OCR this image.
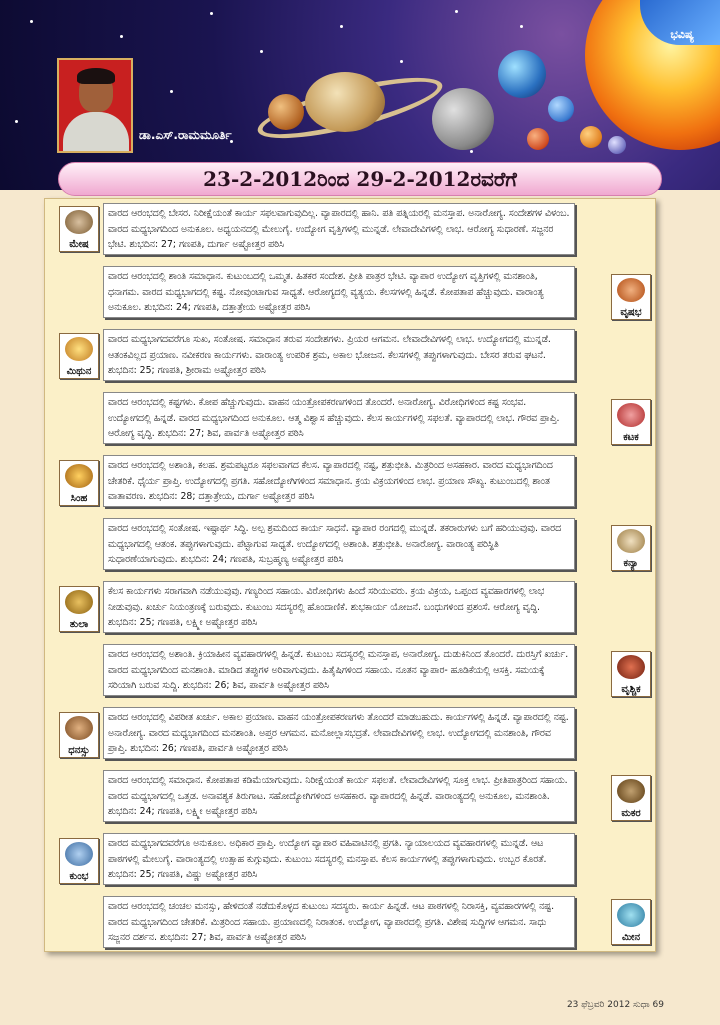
ಭವಿಷ್ಯ
ಡಾ.ಎಸ್.ರಾಮಮೂರ್ತಿ
23-2-2012ರಿಂದ 29-2-2012ರವರೆಗೆ
ಮೇಷ
ವಾರದ ಆರಂಭದಲ್ಲಿ ಬೇಸರ. ನಿರೀಕ್ಷೆಯಂತೆ ಕಾರ್ಯ ಸಫಲವಾಗುವುದಿಲ್ಲ. ವ್ಯಾಪಾರದಲ್ಲಿ ಹಾನಿ. ಪತಿ ಪತ್ನಿಯರಲ್ಲಿ ಮನಸ್ತಾಪ. ಅನಾರೋಗ್ಯ. ಸಂದೇಶಗಳ ವಿಳಂಬ. ವಾರದ ಮಧ್ಯಭಾಗದಿಂದ ಅನುಕೂಲ. ಅಧ್ಯಯನದಲ್ಲಿ ಮೇಲುಗೈ. ಉದ್ಯೋಗ ವೃತ್ತಿಗಳಲ್ಲಿ ಮುನ್ನಡೆ. ಲೇವಾದೇವಿಗಳಲ್ಲಿ ಲಾಭ. ಆರೋಗ್ಯ ಸುಧಾರಣೆ. ಸಜ್ಜನರ ಭೇಟಿ. ಶುಭದಿನ: 27; ಗಣಪತಿ, ದುರ್ಗಾ ಅಷ್ಟೋತ್ತರ ಪಠಿಸಿ
ವಾರದ ಆರಂಭದಲ್ಲಿ ಶಾಂತಿ ಸಮಾಧಾನ. ಕುಟುಂಬದಲ್ಲಿ ಒಮ್ಮತ. ಹಿತಕರ ಸಂದೇಶ. ಪ್ರೀತಿ ಪಾತ್ರರ ಭೇಟಿ. ವ್ಯಾಪಾರ ಉದ್ಯೋಗ ವೃತ್ತಿಗಳಲ್ಲಿ ಮನಶಾಂತಿ, ಧನಾಗಮ. ವಾರದ ಮಧ್ಯಭಾಗದಲ್ಲಿ ಕಷ್ಟ. ನೋವುಂಟಾಗುವ ಸಾಧ್ಯತೆ. ಆರೋಗ್ಯದಲ್ಲಿ ವ್ಯತ್ಯಯ. ಕೆಲಸಗಳಲ್ಲಿ ಹಿನ್ನಡೆ. ಕೋಪತಾಪ ಹೆಚ್ಚುವುದು. ವಾರಾಂತ್ಯ ಅನುಕೂಲ. ಶುಭದಿನ: 24; ಗಣಪತಿ, ದತ್ತಾತ್ರೇಯ ಅಷ್ಟೋತ್ತರ ಪಠಿಸಿ	ವೃಷಭ
ಮಿಥುನ
ವಾರದ ಮಧ್ಯಭಾಗದವರೆಗೂ ಸುಖ, ಸಂತೋಷ. ಸಮಾಧಾನ ತರುವ ಸಂದೇಶಗಳು. ಪ್ರಿಯರ ಆಗಮನ. ಲೇವಾದೇವಿಗಳಲ್ಲಿ ಲಾಭ. ಉದ್ಯೋಗದಲ್ಲಿ ಮುನ್ನಡೆ. ಆತಂಕವಿಲ್ಲದ ಪ್ರಯಾಣ. ನವೀಕರಣ ಕಾರ್ಯಗಳು. ವಾರಾಂತ್ಯ ಉಪರಿಕ ಶ್ರಮ, ಅಕಾಲ ಭೋಜನ. ಕೆಲಸಗಳಲ್ಲಿ ತಪ್ಪುಗಳಾಗುವುದು. ಬೇಸರ ತರುವ ಘಟನೆ. ಶುಭದಿನ: 25; ಗಣಪತಿ, ಶ್ರೀರಾಮ ಅಷ್ಟೋತ್ತರ ಪಠಿಸಿ
ವಾರದ ಆರಂಭದಲ್ಲಿ ಕಷ್ಟಗಳು. ಕೋಪ ಹೆಚ್ಚುಗುವುದು. ವಾಹನ ಯಂತ್ರೋಪಕರಣಗಳಿಂದ ತೊಂದರೆ. ಅನಾರೋಗ್ಯ. ವಿರೋಧಿಗಳಿಂದ ಕಷ್ಟ ಸಂಭವ. ಉದ್ಯೋಗದಲ್ಲಿ ಹಿನ್ನಡೆ. ವಾರದ ಮಧ್ಯಭಾಗದಿಂದ ಅನುಕೂಲ. ಆತ್ಮ ವಿಶ್ವಾಸ ಹೆಚ್ಚುವುದು. ಕೆಲಸ ಕಾರ್ಯಗಳಲ್ಲಿ ಸಫಲತೆ. ವ್ಯಾಪಾರದಲ್ಲಿ ಲಾಭ. ಗೌರವ ಪ್ರಾಪ್ತಿ. ಆರೋಗ್ಯ ವೃದ್ಧಿ. ಶುಭದಿನ: 27; ಶಿವ, ಪಾರ್ವತಿ ಅಷ್ಟೋತ್ತರ ಪಠಿಸಿ	ಕಟಕ
ಸಿಂಹ
ವಾರದ ಆರಂಭದಲ್ಲಿ ಅಶಾಂತಿ, ಕಲಹ. ಶ್ರಮಪಟ್ಟರೂ ಸಫಲವಾಗದ ಕೆಲಸ. ವ್ಯಾಪಾರದಲ್ಲಿ ನಷ್ಟ, ಶತ್ರುಭೀತಿ. ಮಿತ್ರರಿಂದ ಅಸಹಕಾರ. ವಾರದ ಮಧ್ಯಭಾಗದಿಂದ ಚೇತರಿಕೆ. ಧೈರ್ಯ ಪ್ರಾಪ್ತಿ. ಉದ್ಯೋಗದಲ್ಲಿ ಪ್ರಗತಿ. ಸಹೋದ್ಯೋಗಿಗಳಿಂದ ಸಮಾಧಾನ. ಕ್ರಯ ವಿಕ್ರಯಗಳಿಂದ ಲಾಭ. ಪ್ರಯಾಣ ಸೌಖ್ಯ. ಕುಟುಂಬದಲ್ಲಿ ಶಾಂತ ವಾತಾವರಣ. ಶುಭದಿನ: 28; ದತ್ತಾತ್ರೇಯ, ದುರ್ಗಾ ಅಷ್ಟೋತ್ತರ ಪಠಿಸಿ
ವಾರದ ಆರಂಭದಲ್ಲಿ ಸಂತೋಷ. ಇಷ್ಟಾರ್ಥ ಸಿದ್ಧಿ. ಅಲ್ಪ ಶ್ರಮದಿಂದ ಕಾರ್ಯ ಸಾಧನೆ. ವ್ಯಾಪಾರ ರಂಗದಲ್ಲಿ ಮುನ್ನಡೆ. ತಕರಾರುಗಳು ಬಗೆ ಹರಿಯುವುವು. ವಾರದ ಮಧ್ಯಭಾಗದಲ್ಲಿ ಆತಂಕ. ತಪ್ಪುಗಳಾಗುವುದು. ಪೆಟ್ಟಾಗುವ ಸಾಧ್ಯತೆ. ಉದ್ಯೋಗದಲ್ಲಿ ಅಶಾಂತಿ. ಶತ್ರುಭೀತಿ. ಅನಾರೋಗ್ಯ. ವಾರಾಂತ್ಯ ಪರಿಸ್ಥಿತಿ ಸುಧಾರಣೆಯಾಗುವುದು. ಶುಭದಿನ: 24; ಗಣಪತಿ, ಸುಬ್ರಹ್ಮಣ್ಯ ಅಷ್ಟೋತ್ತರ ಪಠಿಸಿ	ಕನ್ಯಾ
ತುಲಾ
ಕೆಲಸ ಕಾರ್ಯಗಳು ಸರಾಗವಾಗಿ ನಡೆಯುವುವು. ಗಣ್ಯರಿಂದ ಸಹಾಯ. ವಿರೋಧಿಗಳು ಹಿಂದೆ ಸರಿಯುವರು. ಕ್ರಯ ವಿಕ್ರಯ, ಒಪ್ಪಂದ ವ್ಯವಹಾರಗಳಲ್ಲಿ ಲಾಭ ನೀಡುವುವು. ಖರ್ಚು ನಿಯಂತ್ರಣಕ್ಕೆ ಬರುವುದು. ಕುಟುಂಬ ಸದಸ್ಯರಲ್ಲಿ ಹೊಂದಾಣಿಕೆ. ಶುಭಕಾರ್ಯ ಯೋಜನೆ. ಬಂಧುಗಳಿಂದ ಪ್ರಶಂಸೆ. ಆರೋಗ್ಯ ವೃದ್ಧಿ. ಶುಭದಿನ: 25; ಗಣಪತಿ, ಲಕ್ಷ್ಮೀ ಅಷ್ಟೋತ್ತರ ಪಠಿಸಿ
ವಾರದ ಆರಂಭದಲ್ಲಿ ಅಶಾಂತಿ. ಕ್ರಿಯಾಹೀನ ವ್ಯವಹಾರಗಳಲ್ಲಿ ಹಿನ್ನಡೆ. ಕುಟುಂಬ ಸದಸ್ಯರಲ್ಲಿ ಮನಸ್ತಾಪ, ಅನಾರೋಗ್ಯ. ದುಡುಕಿನಿಂದ ತೊಂದರೆ. ದುರಸ್ತಿಗೆ ಖರ್ಚು. ವಾರದ ಮಧ್ಯಭಾಗದಿಂದ ಮನಶಾಂತಿ. ಮಾಡಿದ ತಪ್ಪುಗಳ ಅರಿವಾಗುವುದು. ಹಿತೈಷಿಗಳಿಂದ ಸಹಾಯ. ನೂತನ ವ್ಯಾಪಾರ- ಹೂಡಿಕೆಯಲ್ಲಿ ಆಸಕ್ತಿ. ಸಮಯಕ್ಕೆ ಸರಿಯಾಗಿ ಬರುವ ಸುದ್ದಿ. ಶುಭದಿನ: 26; ಶಿವ, ಪಾರ್ವತಿ ಅಷ್ಟೋತ್ತರ ಪಠಿಸಿ	ವೃಶ್ಚಿಕ
ಧನಸ್ಸು
ವಾರದ ಆರಂಭದಲ್ಲಿ ವಿಪರೀತ ಖರ್ಚು. ಅಕಾಲ ಪ್ರಯಾಣ. ವಾಹನ ಯಂತ್ರೋಪಕರಣಗಳು ತೊಂದರೆ ಮಾಡಬಹುದು. ಕಾರ್ಯಗಳಲ್ಲಿ ಹಿನ್ನಡೆ. ವ್ಯಾಪಾರದಲ್ಲಿ ನಷ್ಟ. ಅನಾರೋಗ್ಯ. ವಾರದ ಮಧ್ಯಭಾಗದಿಂದ ಮನಶಾಂತಿ. ಅಪ್ತರ ಆಗಮನ. ಮನೋಲ್ಲಾಸಭದ್ರತೆ. ಲೇವಾದೇವಿಗಳಲ್ಲಿ ಲಾಭ. ಉದ್ಯೋಗದಲ್ಲಿ ಮನಶಾಂತಿ, ಗೌರವ ಪ್ರಾಪ್ತಿ. ಶುಭದಿನ: 26; ಗಣಪತಿ, ಪಾರ್ವತಿ ಅಷ್ಟೋತ್ತರ ಪಠಿಸಿ
ವಾರದ ಆರಂಭದಲ್ಲಿ ಸಮಾಧಾನ. ಕೋಪತಾಪ ಕಡಿಮೆಯಾಗುವುದು. ನಿರೀಕ್ಷೆಯಂತೆ ಕಾರ್ಯ ಸಫಲತೆ. ಲೇವಾದೇವಿಗಳಲ್ಲಿ ಸೂಕ್ತ ಲಾಭ. ಪ್ರೀತಿಪಾತ್ರರಿಂದ ಸಹಾಯ. ವಾರದ ಮಧ್ಯಭಾಗದಲ್ಲಿ ಒತ್ತಡ. ಅನಾವಶ್ಯಕ ತಿರುಗಾಟ. ಸಹೋದ್ಯೋಗಿಗಳಿಂದ ಅಸಹಕಾರ. ವ್ಯಾಪಾರದಲ್ಲಿ ಹಿನ್ನಡೆ. ವಾರಾಂತ್ಯದಲ್ಲಿ ಅನುಕೂಲ, ಮನಶಾಂತಿ. ಶುಭದಿನ: 24; ಗಣಪತಿ, ಲಕ್ಷ್ಮೀ ಅಷ್ಟೋತ್ತರ ಪಠಿಸಿ	ಮಕರ
ಕುಂಭ
ವಾರದ ಮಧ್ಯಭಾಗದವರೆಗೂ ಅನುಕೂಲ. ಅಧಿಕಾರ ಪ್ರಾಪ್ತಿ. ಉದ್ಯೋಗ ವ್ಯಾಪಾರ ವಹಿವಾಟಿನಲ್ಲಿ ಪ್ರಗತಿ. ನ್ಯಾಯಾಲಯದ ವ್ಯವಹಾರಗಳಲ್ಲಿ ಮುನ್ನಡೆ. ಆಟ ಪಾಠಗಳಲ್ಲಿ ಮೇಲುಗೈ. ವಾರಾಂತ್ಯದಲ್ಲಿ ಉತ್ಸಾಹ ಕುಗ್ಗುವುದು. ಕುಟುಂಬ ಸದಸ್ಯರಲ್ಲಿ ಮನಸ್ತಾಪ. ಕೆಲಸ ಕಾರ್ಯಗಳಲ್ಲಿ ತಪ್ಪುಗಳಾಗುವುದು. ಉಬ್ಬರ ಕೊರತೆ. ಶುಭದಿನ: 25; ಗಣಪತಿ, ವಿಷ್ಣು ಅಷ್ಟೋತ್ತರ ಪಠಿಸಿ
ವಾರದ ಆರಂಭದಲ್ಲಿ ಚಂಚಲ ಮನಸ್ಸು, ಹೇಳಿದಂತೆ ನಡೆದುಕೊಳ್ಳದ ಕುಟುಂಬ ಸದಸ್ಯರು. ಕಾರ್ಯ ಹಿನ್ನಡೆ. ಆಟ ಪಾಠಗಳಲ್ಲಿ ನಿರಾಸಕ್ತಿ, ವ್ಯವಹಾರಗಳಲ್ಲಿ ನಷ್ಟ. ವಾರದ ಮಧ್ಯಭಾಗದಿಂದ ಚೇತರಿಕೆ. ಮಿತ್ರರಿಂದ ಸಹಾಯ. ಪ್ರಯಾಣದಲ್ಲಿ ನಿರಾತಂಕ. ಉದ್ಯೋಗ, ವ್ಯಾಪಾರದಲ್ಲಿ ಪ್ರಗತಿ. ವಿಶೇಷ ಸುದ್ದಿಗಳ ಆಗಮನ. ಸಾಧು ಸಜ್ಜನರ ದರ್ಶನ. ಶುಭದಿನ: 27; ಶಿವ, ಪಾರ್ವತಿ ಅಷ್ಟೋತ್ತರ ಪಠಿಸಿ	ಮೀನ
23 ಫೆಬ್ರವರಿ 2012 ಸುಧಾ 69
